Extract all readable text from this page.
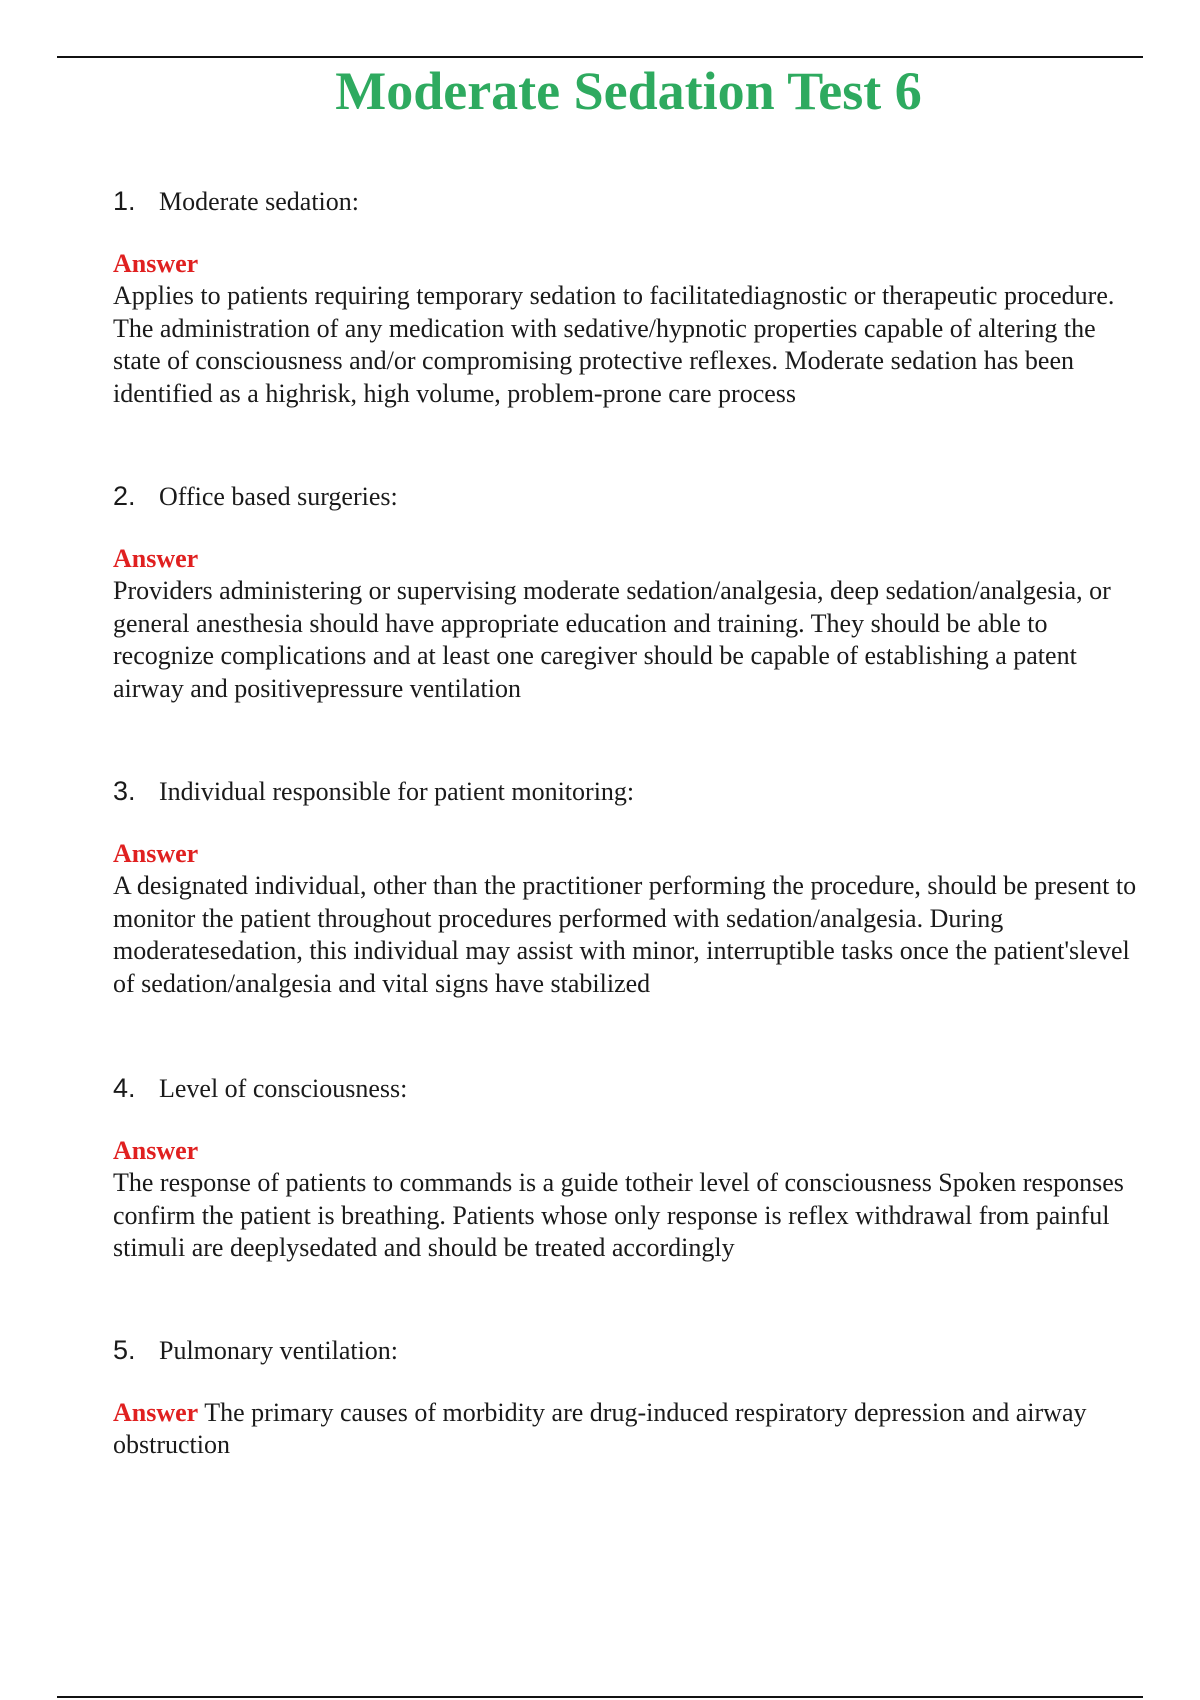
Moderate Sedation Test 6
1. Moderate sedation:
Answer
Applies to patients requiring temporary sedation to facilitatediagnostic or therapeutic procedure. The administration of any medication with sedative/hypnotic properties capable of altering the state of consciousness and/or compromising protective reflexes. Moderate sedation has been identified as a highrisk, high volume, problem-prone care process
2. Office based surgeries:
Answer
Providers administering or supervising moderate sedation/analgesia, deep sedation/analgesia, or general anesthesia should have appropriate education and training. They should be able to recognize complications and at least one caregiver should be capable of establishing a patent airway and positivepressure ventilation
3. Individual responsible for patient monitoring:
Answer
A designated individual, other than the practitioner performing the procedure, should be present to monitor the patient throughout procedures performed with sedation/analgesia. During moderatesedation, this individual may assist with minor, interruptible tasks once the patient'slevel of sedation/analgesia and vital signs have stabilized
4. Level of consciousness:
Answer
The response of patients to commands is a guide totheir level of consciousness Spoken responses confirm the patient is breathing. Patients whose only response is reflex withdrawal from painful stimuli are deeplysedated and should be treated accordingly
5. Pulmonary ventilation:
Answer The primary causes of morbidity are drug-induced respiratory depression and airway obstruction
